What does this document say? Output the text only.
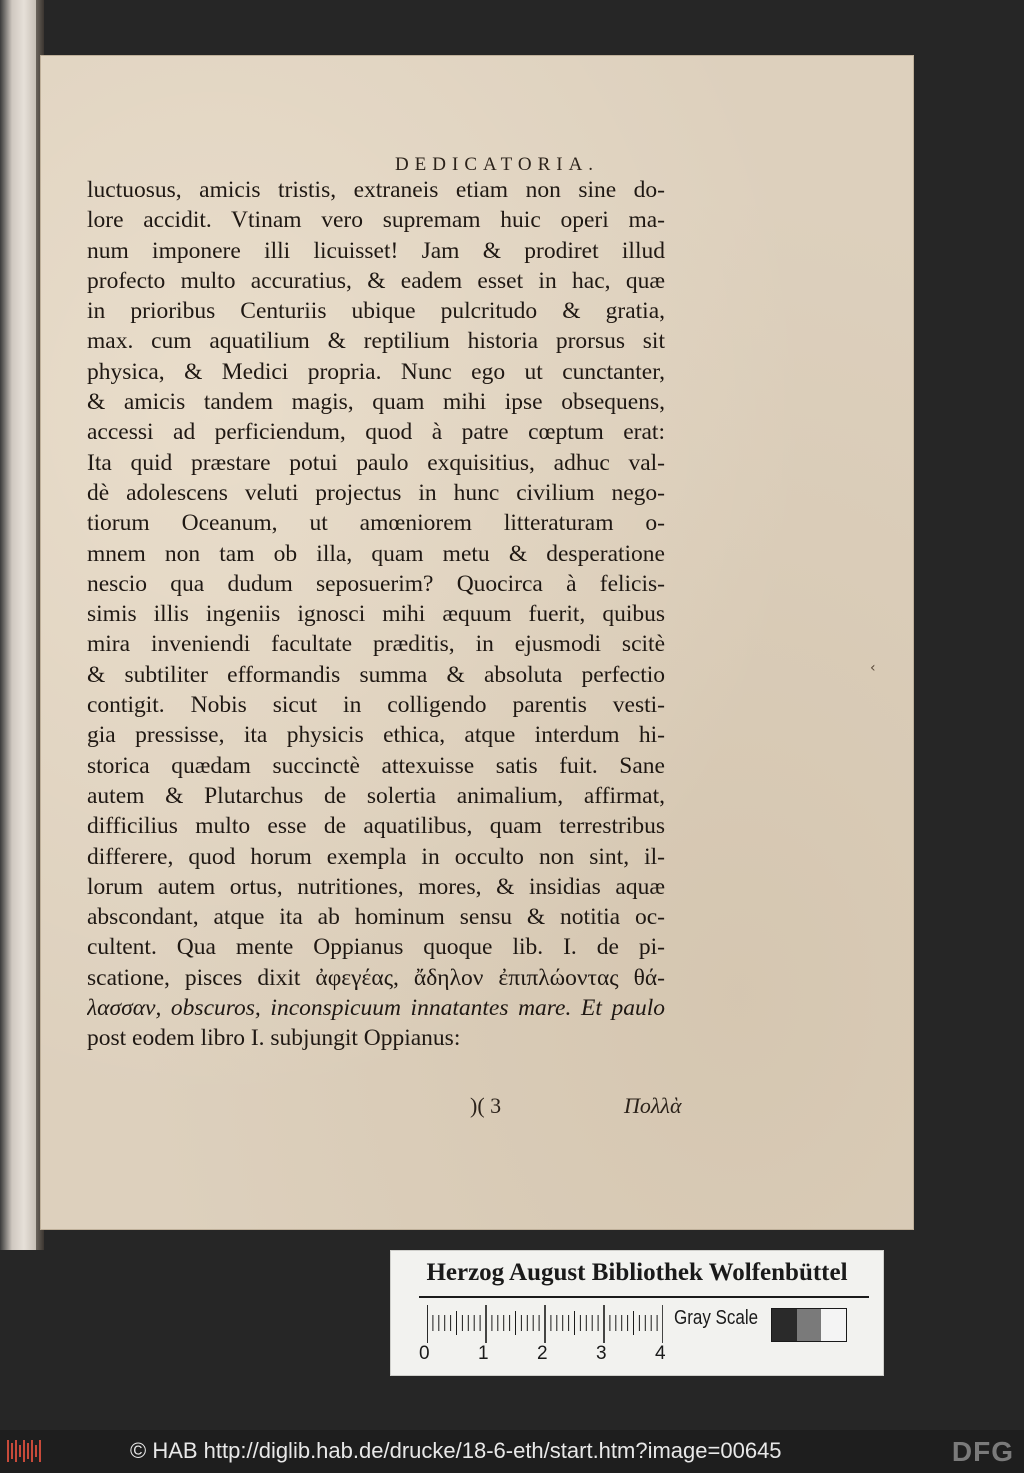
DEDICATORIA.
luctuosus, amicis tristis, extraneis etiam non sine do-
lore accidit. Vtinam vero supremam huic operi ma-
num imponere illi licuisset! Jam & prodiret illud
profecto multo accuratius, & eadem esset in hac, quæ
in prioribus Centuriis ubique pulcritudo & gratia,
max. cum aquatilium & reptilium historia prorsus sit
physica, & Medici propria. Nunc ego ut cunctanter,
& amicis tandem magis, quam mihi ipse obsequens,
accessi ad perficiendum, quod à patre cœptum erat:
Ita quid præstare potui paulo exquisitius, adhuc val-
dè adolescens veluti projectus in hunc civilium nego-
tiorum Oceanum, ut amœniorem litteraturam o-
mnem non tam ob illa, quam metu & desperatione
nescio qua dudum seposuerim? Quocirca à felicis-
simis illis ingeniis ignosci mihi æquum fuerit, quibus
mira inveniendi facultate præditis, in ejusmodi scitè
& subtiliter efformandis summa & absoluta perfectio
contigit. Nobis sicut in colligendo parentis vesti-
gia pressisse, ita physicis ethica, atque interdum hi-
storica quædam succinctè attexuisse satis fuit. Sane
autem & Plutarchus de solertia animalium, affirmat,
difficilius multo esse de aquatilibus, quam terrestribus
differere, quod horum exempla in occulto non sint, il-
lorum autem ortus, nutritiones, mores, & insidias aquæ
abscondant, atque ita ab hominum sensu & notitia oc-
cultent. Qua mente Oppianus quoque lib. I. de pi-
scatione, pisces dixit ἀφεγέας, ἄδηλον ἐπιπλώοντας θά-
λασσαν, obscuros, inconspicuum innatantes mare. Et paulo
post eodem libro I. subjungit Oppianus:
‹
)( 3	Πολλὰ
Herzog August Bibliothek Wolfenbüttel
Gray Scale
0	1	2	3	4
© HAB http://diglib.hab.de/drucke/18-6-eth/start.htm?image=00645	DFG
